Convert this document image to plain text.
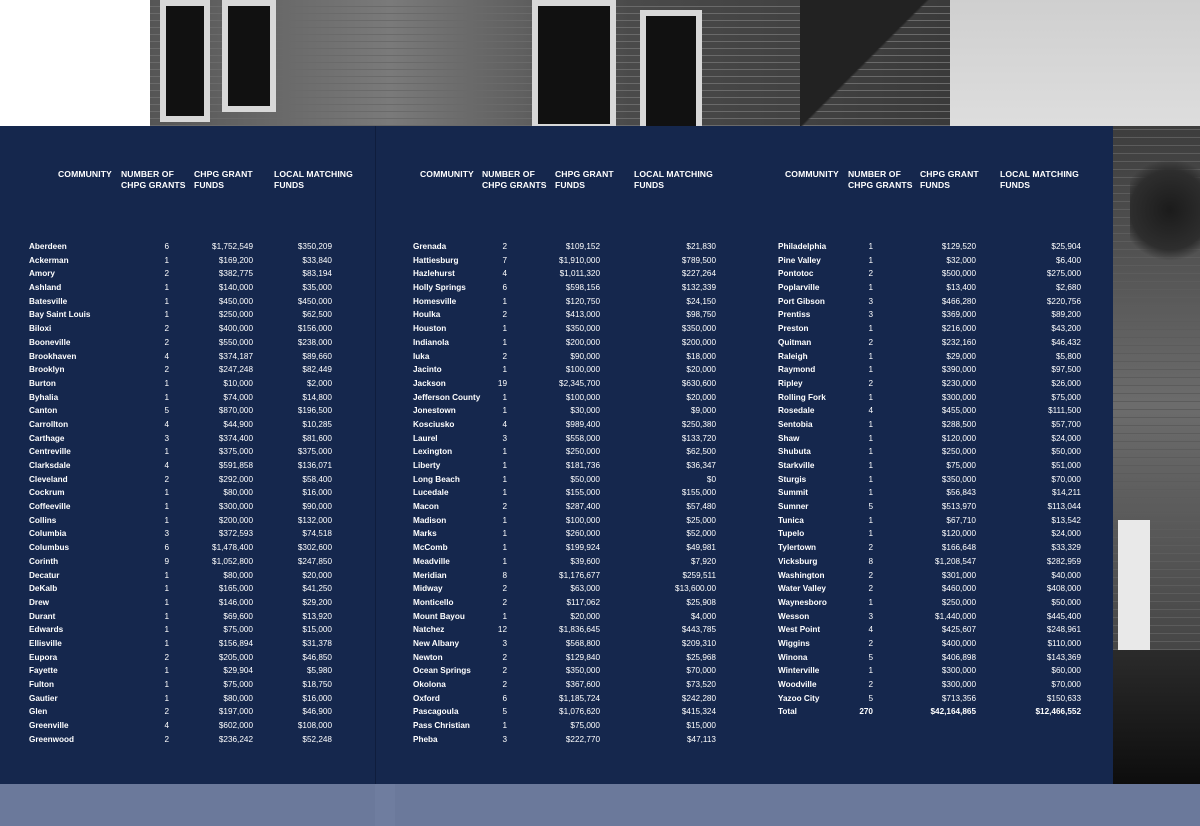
COMMUNITY NUMBER OF
CHPG GRANTS
CHPG GRANT
FUNDS
LOCAL MATCHING
FUNDS
Aberdeen	6	$1,752,549	$350,209
Ackerman	1	$169,200	$33,840
Amory	2	$382,775	$83,194
Ashland	1	$140,000	$35,000
Batesville	1	$450,000	$450,000
Bay Saint Louis	1	$250,000	$62,500
Biloxi	2	$400,000	$156,000
Booneville	2	$550,000	$238,000
Brookhaven	4	$374,187	$89,660
Brooklyn	2	$247,248	$82,449
Burton	1	$10,000	$2,000
Byhalia	1	$74,000	$14,800
Canton	5	$870,000	$196,500
Carrollton	4	$44,900	$10,285
Carthage	3	$374,400	$81,600
Centreville	1	$375,000	$375,000
Clarksdale	4	$591,858	$136,071
Cleveland	2	$292,000	$58,400
Cockrum	1	$80,000	$16,000
Coffeeville	1	$300,000	$90,000
Collins	1	$200,000	$132,000
Columbia	3	$372,593	$74,518
Columbus	6	$1,478,400	$302,600
Corinth	9	$1,052,800	$247,850
Decatur	1	$80,000	$20,000
DeKalb	1	$165,000	$41,250
Drew	1	$146,000	$29,200
Durant	1	$69,600	$13,920
Edwards	1	$75,000	$15,000
Ellisville	1	$156,894	$31,378
Eupora	2	$205,000	$46,850
Fayette	1	$29,904	$5,980
Fulton	1	$75,000	$18,750
Gautier	1	$80,000	$16,000
Glen	2	$197,000	$46,900
Greenville	4	$602,000	$108,000
Greenwood	2	$236,242	$52,248
COMMUNITY NUMBER OF
CHPG GRANTS
CHPG GRANT
FUNDS
LOCAL MATCHING
FUNDS
Grenada	2	$109,152	$21,830
Hattiesburg	7	$1,910,000	$789,500
Hazlehurst	4	$1,011,320	$227,264
Holly Springs	6	$598,156	$132,339
Homesville	1	$120,750	$24,150
Houlka	2	$413,000	$98,750
Houston	1	$350,000	$350,000
Indianola	1	$200,000	$200,000
Iuka	2	$90,000	$18,000
Jacinto	1	$100,000	$20,000
Jackson	19	$2,345,700	$630,600
Jefferson County	1	$100,000	$20,000
Jonestown	1	$30,000	$9,000
Kosciusko	4	$989,400	$250,380
Laurel	3	$558,000	$133,720
Lexington	1	$250,000	$62,500
Liberty	1	$181,736	$36,347
Long Beach	1	$50,000	$0
Lucedale	1	$155,000	$155,000
Macon	2	$287,400	$57,480
Madison	1	$100,000	$25,000
Marks	1	$260,000	$52,000
McComb	1	$199,924	$49,981
Meadville	1	$39,600	$7,920
Meridian	8	$1,176,677	$259,511
Midway	2	$63,000	$13,600.00
Monticello	2	$117,062	$25,908
Mount Bayou	1	$20,000	$4,000
Natchez	12	$1,836,645	$443,785
New Albany	3	$568,800	$209,310
Newton	2	$129,840	$25,968
Ocean Springs	2	$350,000	$70,000
Okolona	2	$367,600	$73,520
Oxford	6	$1,185,724	$242,280
Pascagoula	5	$1,076,620	$415,324
Pass Christian	1	$75,000	$15,000
Pheba	3	$222,770	$47,113
COMMUNITY NUMBER OF
CHPG GRANTS
CHPG GRANT
FUNDS
LOCAL MATCHING
FUNDS
Philadelphia	1	$129,520	$25,904
Pine Valley	1	$32,000	$6,400
Pontotoc	2	$500,000	$275,000
Poplarville	1	$13,400	$2,680
Port Gibson	3	$466,280	$220,756
Prentiss	3	$369,000	$89,200
Preston	1	$216,000	$43,200
Quitman	2	$232,160	$46,432
Raleigh	1	$29,000	$5,800
Raymond	1	$390,000	$97,500
Ripley	2	$230,000	$26,000
Rolling Fork	1	$300,000	$75,000
Rosedale	4	$455,000	$111,500
Sentobia	1	$288,500	$57,700
Shaw	1	$120,000	$24,000
Shubuta	1	$250,000	$50,000
Starkville	1	$75,000	$51,000
Sturgis	1	$350,000	$70,000
Summit	1	$56,843	$14,211
Sumner	5	$513,970	$113,044
Tunica	1	$67,710	$13,542
Tupelo	1	$120,000	$24,000
Tylertown	2	$166,648	$33,329
Vicksburg	8	$1,208,547	$282,959
Washington	2	$301,000	$40,000
Water Valley	2	$460,000	$408,000
Waynesboro	1	$250,000	$50,000
Wesson	3	$1,440,000	$445,400
West Point	4	$425,607	$248,961
Wiggins	2	$400,000	$110,000
Winona	5	$406,898	$143,369
Winterville	1	$300,000	$60,000
Woodville	2	$300,000	$70,000
Yazoo City	5	$713,356	$150,633
Total	270	$42,164,865	$12,466,552
